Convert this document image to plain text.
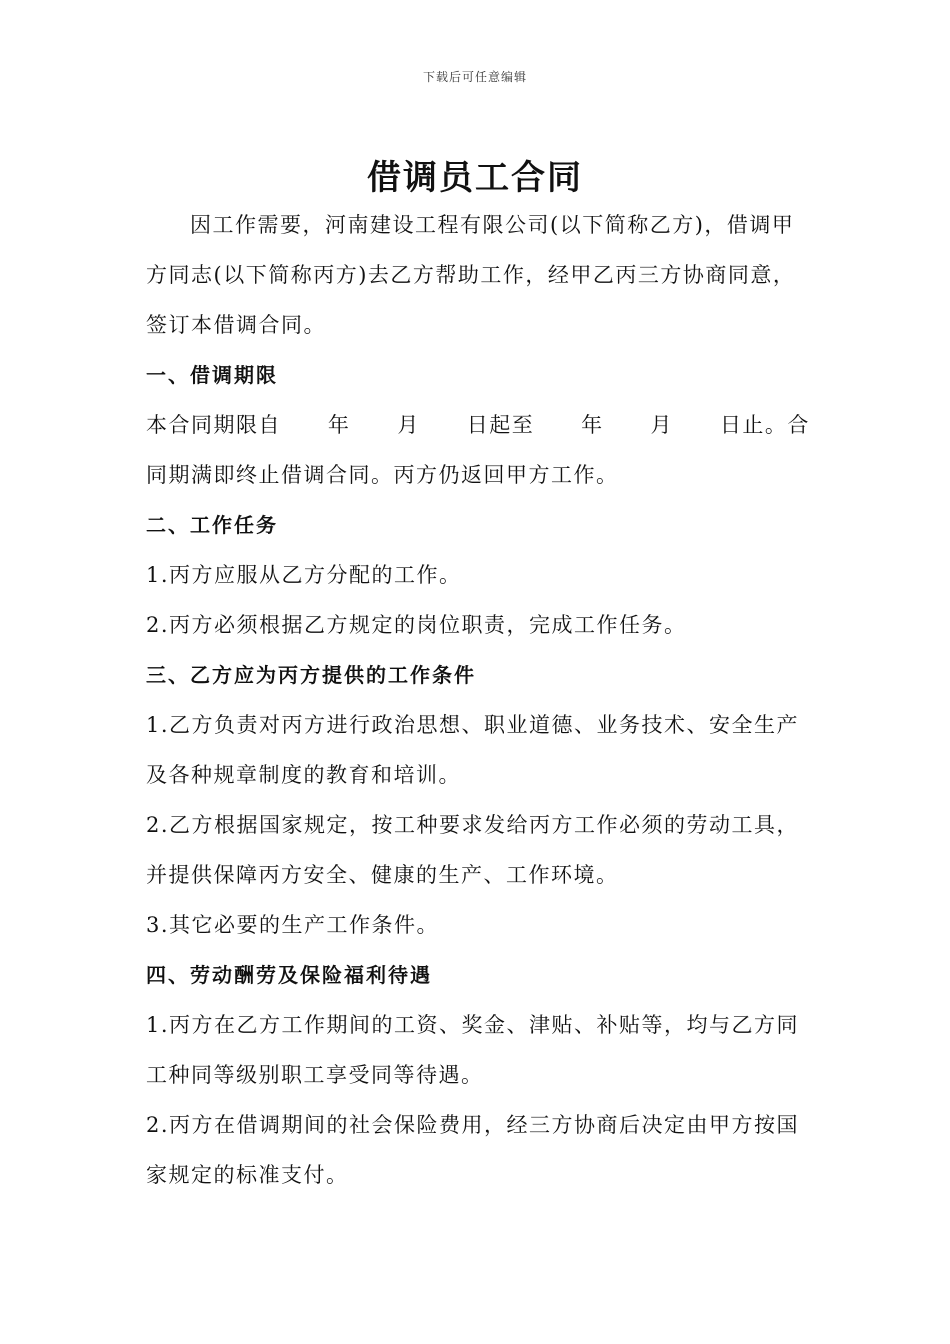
下载后可任意编辑
借调员工合同
因工作需要，河南建设工程有限公司(以下简称乙方)，借调甲
方同志(以下简称丙方)去乙方帮助工作，经甲乙丙三方协商同意，
签订本借调合同。
一、借调期限
本合同期限自 年 月 日起至 年 月 日止。合
同期满即终止借调合同。丙方仍返回甲方工作。
二、工作任务
1.丙方应服从乙方分配的工作。
2.丙方必须根据乙方规定的岗位职责，完成工作任务。
三、乙方应为丙方提供的工作条件
1.乙方负责对丙方进行政治思想、职业道德、业务技术、安全生产
及各种规章制度的教育和培训。
2.乙方根据国家规定，按工种要求发给丙方工作必须的劳动工具，
并提供保障丙方安全、健康的生产、工作环境。
3.其它必要的生产工作条件。
四、劳动酬劳及保险福利待遇
1.丙方在乙方工作期间的工资、奖金、津贴、补贴等，均与乙方同
工种同等级别职工享受同等待遇。
2.丙方在借调期间的社会保险费用，经三方协商后决定由甲方按国
家规定的标准支付。
